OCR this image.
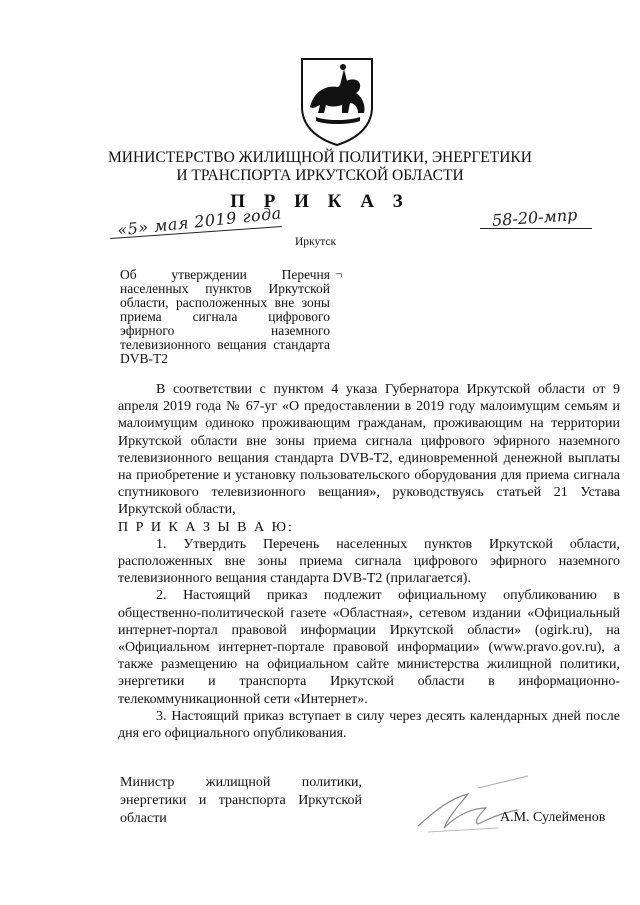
МИНИСТЕРСТВО ЖИЛИЩНОЙ ПОЛИТИКИ, ЭНЕРГЕТИКИ
И ТРАНСПОРТА ИРКУТСКОЙ ОБЛАСТИ
П Р И К А З
«5» мая 2019 года	58-20-мпр
Иркутск
Об утверждении Перечня населенных пунктов Иркутской области, расположенных вне зоны приема сигнала цифрового эфирного наземного телевизионного вещания стандарта DVB-T2
¬

В соответствии с пунктом 4 указа Губернатора Иркутской области от 9 апреля 2019 года № 67-уг «О предоставлении в 2019 году малоимущим семьям и малоимущим одиноко проживающим гражданам, проживающим на территории Иркутской области вне зоны приема сигнала цифрового эфирного наземного телевизионного вещания стандарта DVB-T2, единовременной денежной выплаты на приобретение и установку пользовательского оборудования для приема сигнала спутникового телевизионного вещания», руководствуясь статьей 21 Устава Иркутской области,

П Р И К А З Ы В А Ю:

1. Утвердить Перечень населенных пунктов Иркутской области, расположенных вне зоны приема сигнала цифрового эфирного наземного телевизионного вещания стандарта DVB-T2 (прилагается).

2. Настоящий приказ подлежит официальному опубликованию в общественно-политической газете «Областная», сетевом издании «Официальный интернет-портал правовой информации Иркутской области» (ogirk.ru), на «Официальном интернет-портале правовой информации» (www.pravo.gov.ru), а также размещению на официальном сайте министерства жилищной политики, энергетики и транспорта Иркутской области в информационно-телекоммуникационной сети «Интернет».

3. Настоящий приказ вступает в силу через десять календарных дней после дня его официального опубликования.

Министр жилищной политики, энергетики и транспорта Иркутской области	А.М. Сулейменов
